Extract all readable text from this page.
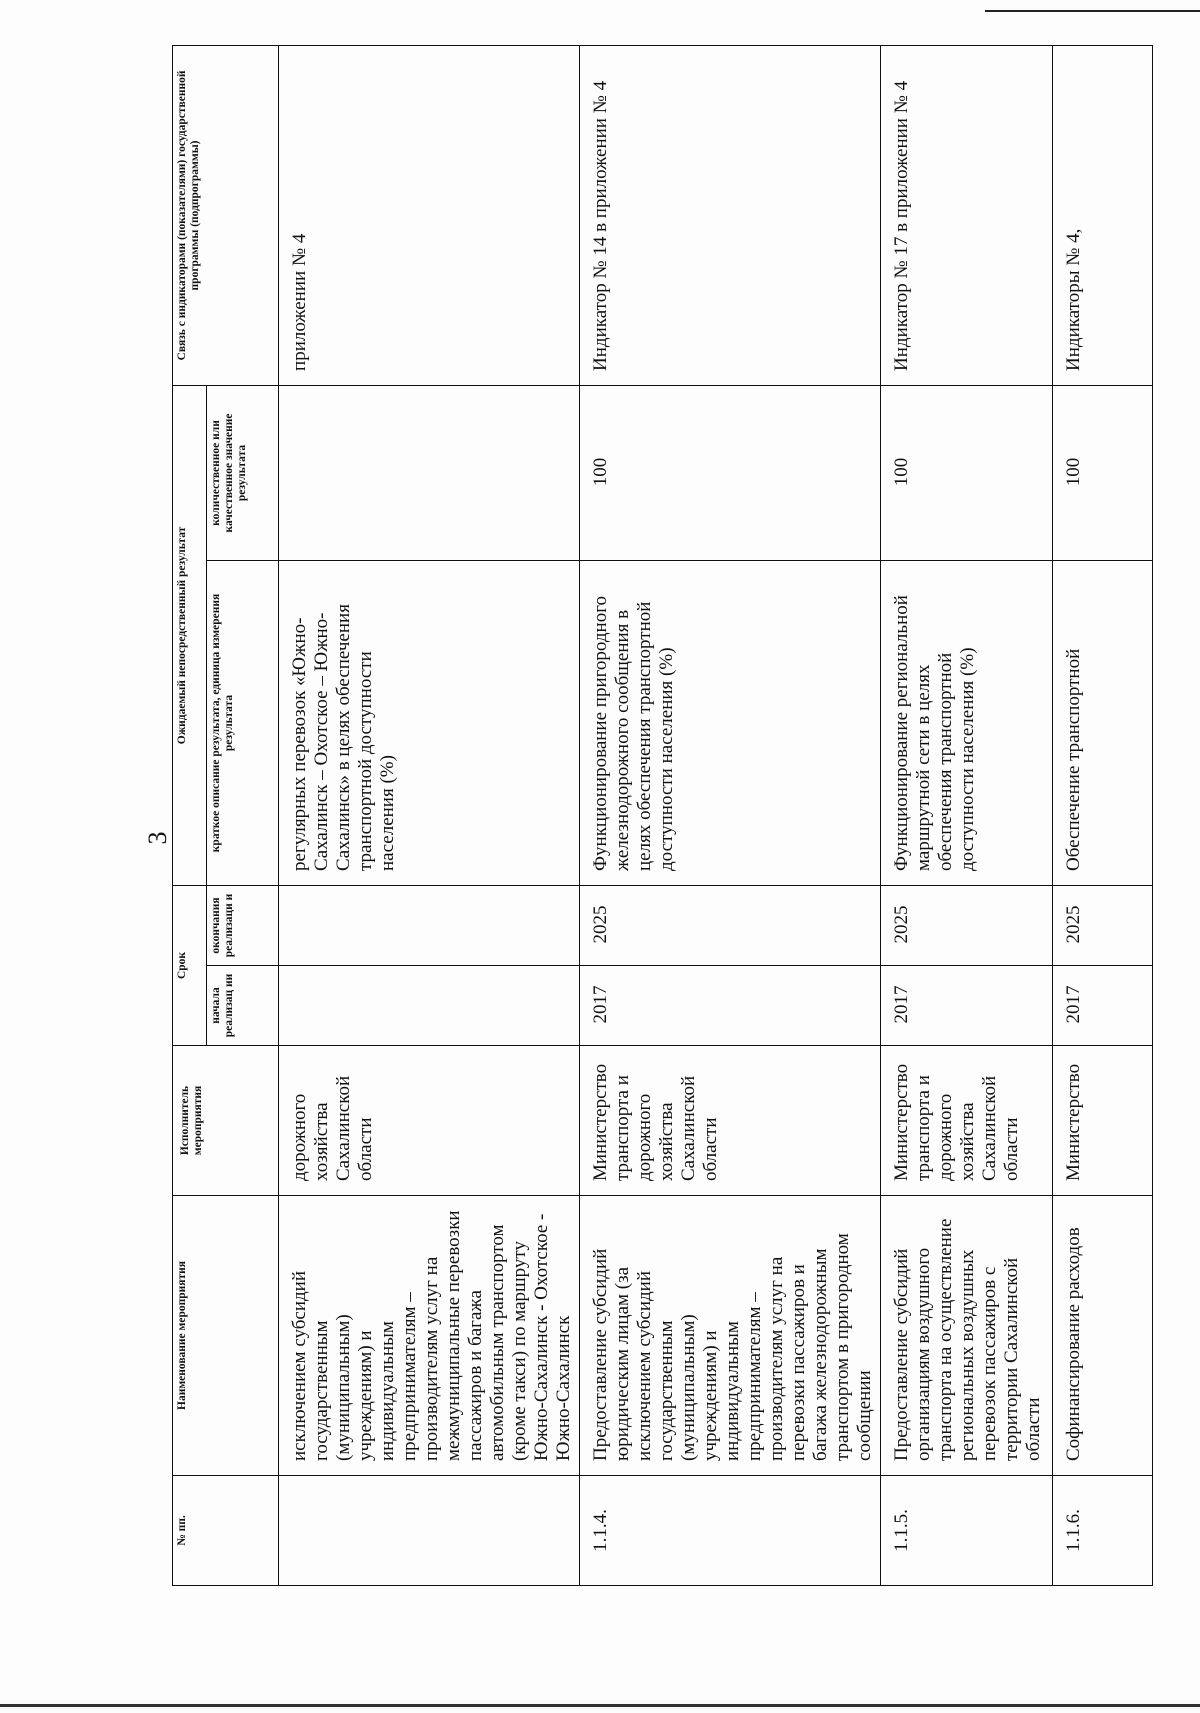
3
№ пп.	Наименование мероприятия	Исполнитель мероприятия	Срок		Ожидаемый непосредственный результат		Связь с индикаторами (показателями) государственной программы (подпрограммы)

			начала реализац ии	окончания реализаци и	краткое описание результата, единица измерения результата	количественное или качественное значение результата	

	исключением субсидий государственным (муниципальным) учреждениям) и индивидуальным предпринимателям – производителям услуг на межмуниципальные перевозки пассажиров и багажа автомобильным транспортом (кроме такси) по маршруту Южно-Сахалинск - Охотское - Южно-Сахалинск	дорожного хозяйства Сахалинской области			регулярных перевозок «Южно-Сахалинск – Охотское – Южно-Сахалинск» в целях обеспечения транспортной доступности населения (%)		приложении № 4

1.1.4.	Предоставление субсидий юридическим лицам (за исключением субсидий государственным (муниципальным) учреждениям) и индивидуальным предпринимателям – производителям услуг на перевозки пассажиров и багажа железнодорожным транспортом в пригородном сообщении	Министерство транспорта и дорожного хозяйства Сахалинской области	2017	2025	Функционирование пригородного железнодорожного сообщения в целях обеспечения транспортной доступности населения (%)	100	Индикатор № 14 в приложении № 4

1.1.5.	Предоставление субсидий организациям воздушного транспорта на осуществление региональных воздушных перевозок пассажиров с территории Сахалинской области	Министерство транспорта и дорожного хозяйства Сахалинской области	2017	2025	Функционирование региональной маршрутной сети в целях обеспечения транспортной доступности населения (%)	100	Индикатор № 17 в приложении № 4

1.1.6.	Софинансирование расходов	Министерство	2017	2025	Обеспечение транспортной	100	Индикаторы № 4,
